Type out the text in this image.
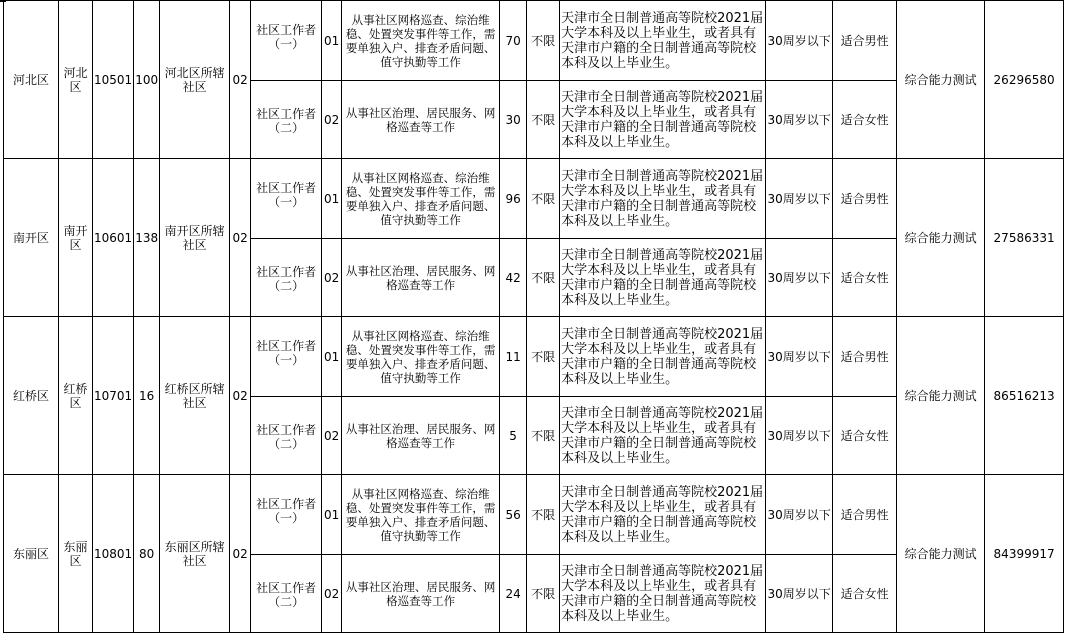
河北区	河北区	10501	100	河北区所辖社区	02	社区工作者（一）	01	从事社区网格巡查、综治维稳、处置突发事件等工作，需要单独入户、排查矛盾问题、值守执勤等工作	70	不限	天津市全日制普通高等院校2021届大学本科及以上毕业生，或者具有天津市户籍的全日制普通高等院校本科及以上毕业生。	30周岁以下	适合男性	综合能力测试	26296580
						社区工作者（二）	02	从事社区治理、居民服务、网格巡查等工作	30	不限	天津市全日制普通高等院校2021届大学本科及以上毕业生，或者具有天津市户籍的全日制普通高等院校本科及以上毕业生。	30周岁以下	适合女性		
南开区	南开区	10601	138	南开区所辖社区	02	社区工作者（一）	01	从事社区网格巡查、综治维稳、处置突发事件等工作，需要单独入户、排查矛盾问题、值守执勤等工作	96	不限	天津市全日制普通高等院校2021届大学本科及以上毕业生，或者具有天津市户籍的全日制普通高等院校本科及以上毕业生。	30周岁以下	适合男性	综合能力测试	27586331
						社区工作者（二）	02	从事社区治理、居民服务、网格巡查等工作	42	不限	天津市全日制普通高等院校2021届大学本科及以上毕业生，或者具有天津市户籍的全日制普通高等院校本科及以上毕业生。	30周岁以下	适合女性		
红桥区	红桥区	10701	16	红桥区所辖社区	02	社区工作者（一）	01	从事社区网格巡查、综治维稳、处置突发事件等工作，需要单独入户、排查矛盾问题、值守执勤等工作	11	不限	天津市全日制普通高等院校2021届大学本科及以上毕业生，或者具有天津市户籍的全日制普通高等院校本科及以上毕业生。	30周岁以下	适合男性	综合能力测试	86516213
						社区工作者（二）	02	从事社区治理、居民服务、网格巡查等工作	5	不限	天津市全日制普通高等院校2021届大学本科及以上毕业生，或者具有天津市户籍的全日制普通高等院校本科及以上毕业生。	30周岁以下	适合女性		
东丽区	东丽区	10801	80	东丽区所辖社区	02	社区工作者（一）	01	从事社区网格巡查、综治维稳、处置突发事件等工作，需要单独入户、排查矛盾问题、值守执勤等工作	56	不限	天津市全日制普通高等院校2021届大学本科及以上毕业生，或者具有天津市户籍的全日制普通高等院校本科及以上毕业生。	30周岁以下	适合男性	综合能力测试	84399917
						社区工作者（二）	02	从事社区治理、居民服务、网格巡查等工作	24	不限	天津市全日制普通高等院校2021届大学本科及以上毕业生，或者具有天津市户籍的全日制普通高等院校本科及以上毕业生。	30周岁以下	适合女性		
